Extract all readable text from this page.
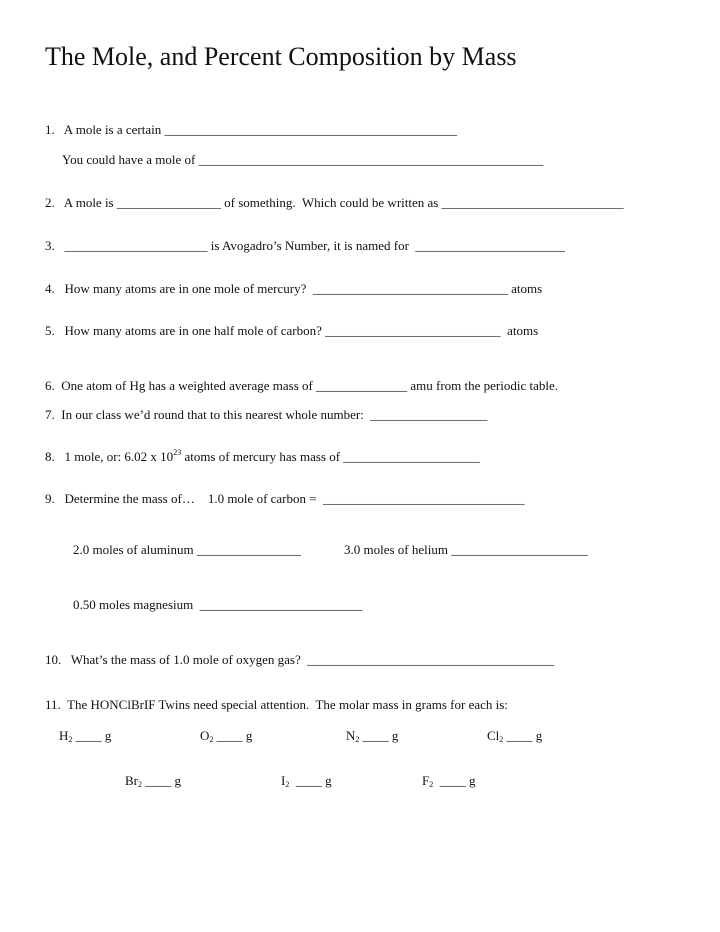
The Mole, and Percent Composition by Mass
1.   A mole is a certain _____________________________________________
You could have a mole of _____________________________________________________
2.   A mole is ________________ of something.  Which could be written as ____________________________
3.   ______________________ is Avogadro’s Number, it is named for  _______________________
4.   How many atoms are in one mole of mercury?  ______________________________ atoms
5.   How many atoms are in one half mole of carbon? ___________________________  atoms
6.  One atom of Hg has a weighted average mass of ______________ amu from the periodic table.
7.  In our class we’d round that to this nearest whole number:  __________________
8.   1 mole, or: 6.02 x $10^{23}$ atoms of mercury has mass of _____________________
9.   Determine the mass of…    1.0 mole of carbon =  _______________________________
2.0 moles of aluminum ________________	3.0 moles of helium _____________________
0.50 moles magnesium  _________________________
10.   What’s the mass of 1.0 mole of oxygen gas?  ______________________________________
11.  The HONClBrIF Twins need special attention.  The molar mass in grams for each is:
$H_2$ ____ g	$O_2$ ____ g	$N_2$ ____ g	$Cl_2$ ____ g
$Br_2$ ____ g	$I_2$  ____ g	$F_2$  ____ g
